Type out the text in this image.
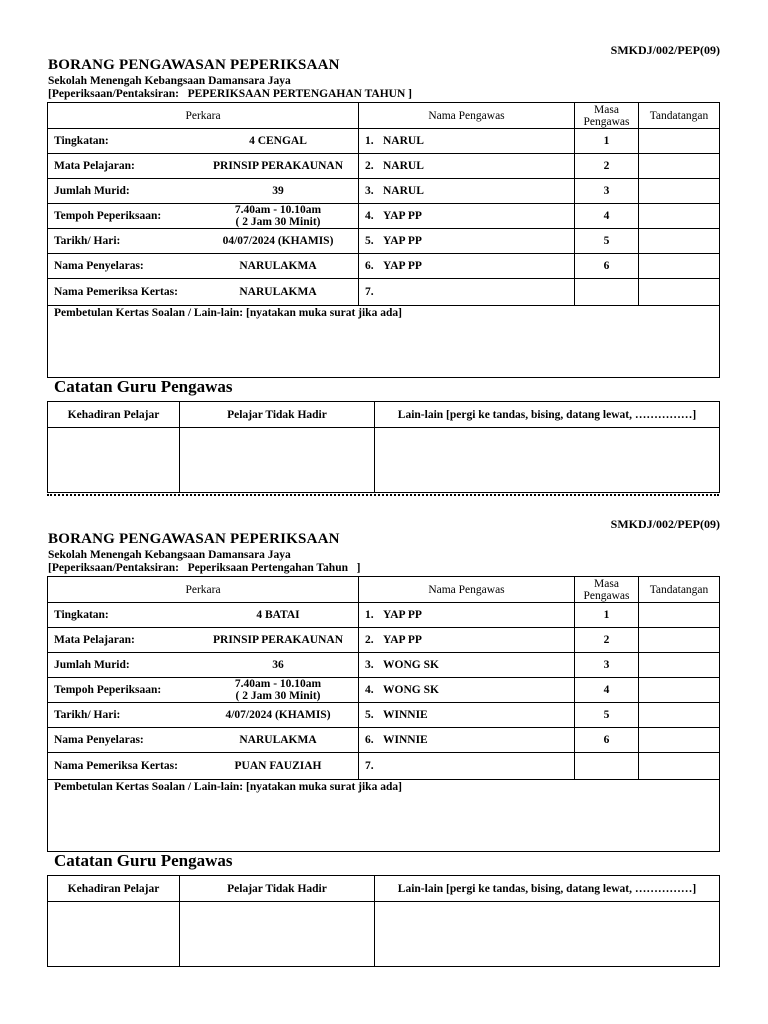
SMKDJ/002/PEP(09)
BORANG PENGAWASAN PEPERIKSAAN
Sekolah Menengah Kebangsaan Damansara Jaya
[Peperiksaan/Pentaksiran:   PEPERIKSAAN PERTENGAHAN TAHUN ]
Perkara	Nama Pengawas	Masa Pengawas	Tandatangan

Tingkatan: 4 CENGAL	1. NARUL	1	

Mata Pelajaran: PRINSIP PERAKAUNAN	2. NARUL	2	

Jumlah Murid: 39	3. NARUL	3	

Tempoh Peperiksaan: 7.40am - 10.10am
( 2 Jam 30 Minit)	4. YAP PP	4	

Tarikh/ Hari: 04/07/2024 (KHAMIS)	5. YAP PP	5	

Nama Penyelaras: NARULAKMA	6. YAP PP	6	

Nama Pemeriksa Kertas: NARULAKMA	7.		
Pembetulan Kertas Soalan / Lain-lain: [nyatakan muka surat jika ada]			
Catatan Guru Pengawas
Kehadiran Pelajar	Pelajar Tidak Hadir	Lain-lain [pergi ke tandas, bising, datang lewat, ……………]

SMKDJ/002/PEP(09)
BORANG PENGAWASAN PEPERIKSAAN
Sekolah Menengah Kebangsaan Damansara Jaya
[Peperiksaan/Pentaksiran:   Peperiksaan Pertengahan Tahun   ]
Perkara	Nama Pengawas	Masa Pengawas	Tandatangan

Tingkatan: 4 BATAI	1. YAP PP	1	

Mata Pelajaran: PRINSIP PERAKAUNAN	2. YAP PP	2	

Jumlah Murid: 36	3. WONG SK	3	

Tempoh Peperiksaan: 7.40am - 10.10am
( 2 Jam 30 Minit)	4. WONG SK	4	

Tarikh/ Hari: 4/07/2024 (KHAMIS)	5. WINNIE	5	

Nama Penyelaras: NARULAKMA	6. WINNIE	6	

Nama Pemeriksa Kertas: PUAN FAUZIAH	7.		
Pembetulan Kertas Soalan / Lain-lain: [nyatakan muka surat jika ada]			
Catatan Guru Pengawas
Kehadiran Pelajar	Pelajar Tidak Hadir	Lain-lain [pergi ke tandas, bising, datang lewat, ……………]
